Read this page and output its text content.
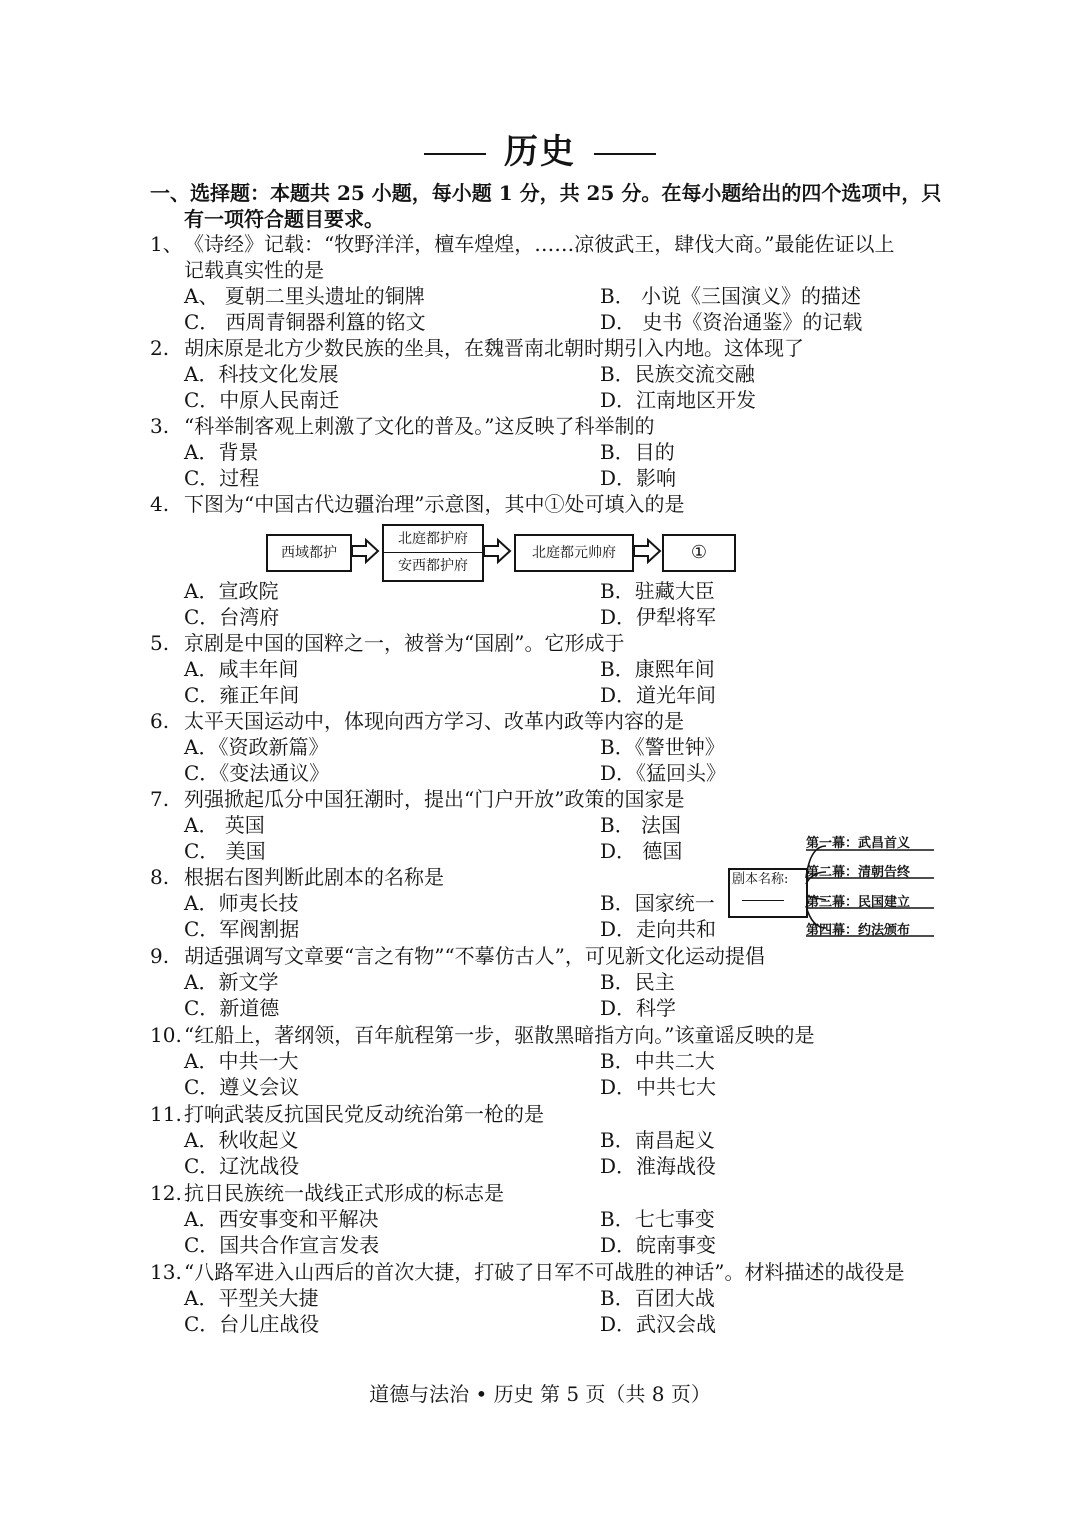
历史
一、选择题：本题共 25 小题，每小题 1 分，共 25 分。在每小题给出的四个选项中，只
有一项符合题目要求。
1、《诗经》记载：“牧野洋洋，檀车煌煌，……凉彼武王，肆伐大商。”最能佐证以上
记载真实性的是
A、 夏朝二里头遗址的铜牌	B． 小说《三国演义》的描述
C． 西周青铜器利簋的铭文	D． 史书《资治通鉴》的记载
2. 胡床原是北方少数民族的坐具，在魏晋南北朝时期引入内地。这体现了
A．科技文化发展	B．民族交流交融
C．中原人民南迁	D．江南地区开发
3. “科举制客观上刺激了文化的普及。”这反映了科举制的
A．背景	B．目的
C．过程	D．影响
4. 下图为“中国古代边疆治理”示意图，其中①处可填入的是
西域都护
北庭都护府
安西都护府
北庭都元帅府	①
A．宣政院	B．驻藏大臣
C．台湾府	D．伊犁将军
5. 京剧是中国的国粹之一，被誉为“国剧”。它形成于
A．咸丰年间	B．康熙年间
C．雍正年间	D．道光年间
6. 太平天国运动中，体现向西方学习、改革内政等内容的是
A．《资政新篇》	B．《警世钟》
C．《变法通议》	D．《猛回头》
7. 列强掀起瓜分中国狂潮时，提出“门户开放”政策的国家是
A． 英国	B． 法国
C． 美国	D． 德国
8. 根据右图判断此剧本的名称是
A．师夷长技	B．国家统一
C．军阀割据	D．走向共和
剧本名称:
第一幕：武昌首义
第二幕：清朝告终
第三幕：民国建立
第四幕：约法颁布
9. 胡适强调写文章要“言之有物”“不摹仿古人”，可见新文化运动提倡
A．新文学	B．民主
C．新道德	D．科学
10. “红船上，著纲领，百年航程第一步，驱散黑暗指方向。”该童谣反映的是
A．中共一大	B．中共二大
C．遵义会议	D．中共七大
11. 打响武装反抗国民党反动统治第一枪的是
A．秋收起义	B．南昌起义
C．辽沈战役	D．淮海战役
12. 抗日民族统一战线正式形成的标志是
A．西安事变和平解决	B．七七事变
C．国共合作宣言发表	D．皖南事变
13. “八路军进入山西后的首次大捷，打破了日军不可战胜的神话”。材料描述的战役是
A．平型关大捷	B．百团大战
C．台儿庄战役	D．武汉会战
道德与法治 • 历史 第 5 页（共 8 页）
